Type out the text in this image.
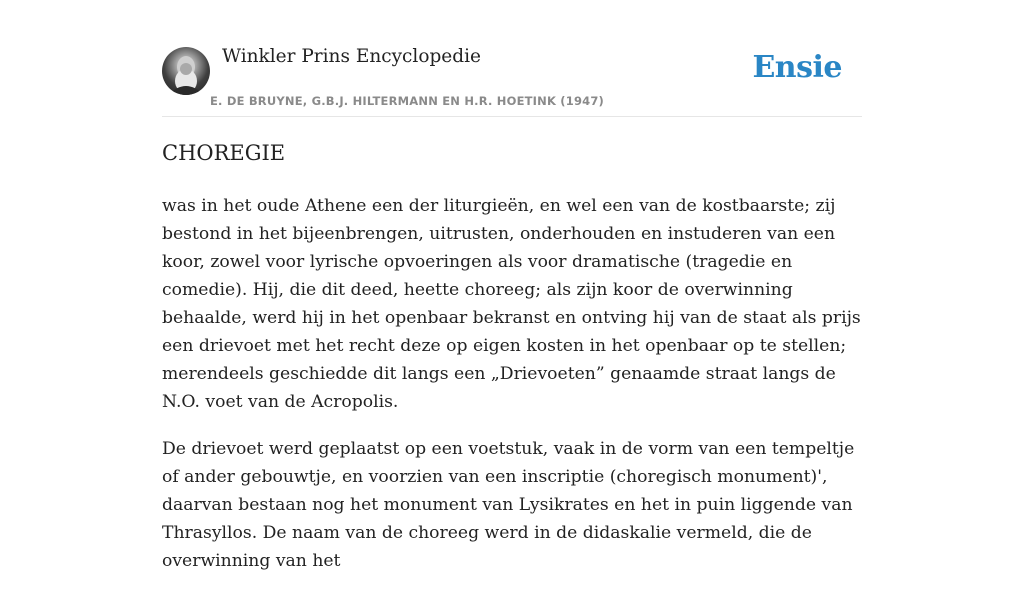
Winkler Prins Encyclopedie
E. DE BRUYNE, G.B.J. HILTERMANN EN H.R. HOETINK (1947)
Ensie
CHOREGIE

was in het oude Athene een der liturgieën, en wel een van de kostbaarste; zij bestond in het bijeenbrengen, uitrusten, onderhouden en instuderen van een koor, zowel voor lyrische opvoeringen als voor dramatische (tragedie en comedie). Hij, die dit deed, heette choreeg; als zijn koor de overwinning behaalde, werd hij in het openbaar bekranst en ontving hij van de staat als prijs een drievoet met het recht deze op eigen kosten in het openbaar op te stellen; merendeels geschiedde dit langs een „Drievoeten” genaamde straat langs de N.O. voet van de Acropolis.

De drievoet werd geplaatst op een voetstuk, vaak in de vorm van een tempeltje of ander gebouwtje, en voorzien van een inscriptie (choregisch monument)', daarvan bestaan nog het monument van Lysikrates en het in puin liggende van Thrasyllos. De naam van de choreeg werd in de didaskalie vermeld, die de overwinning van het
